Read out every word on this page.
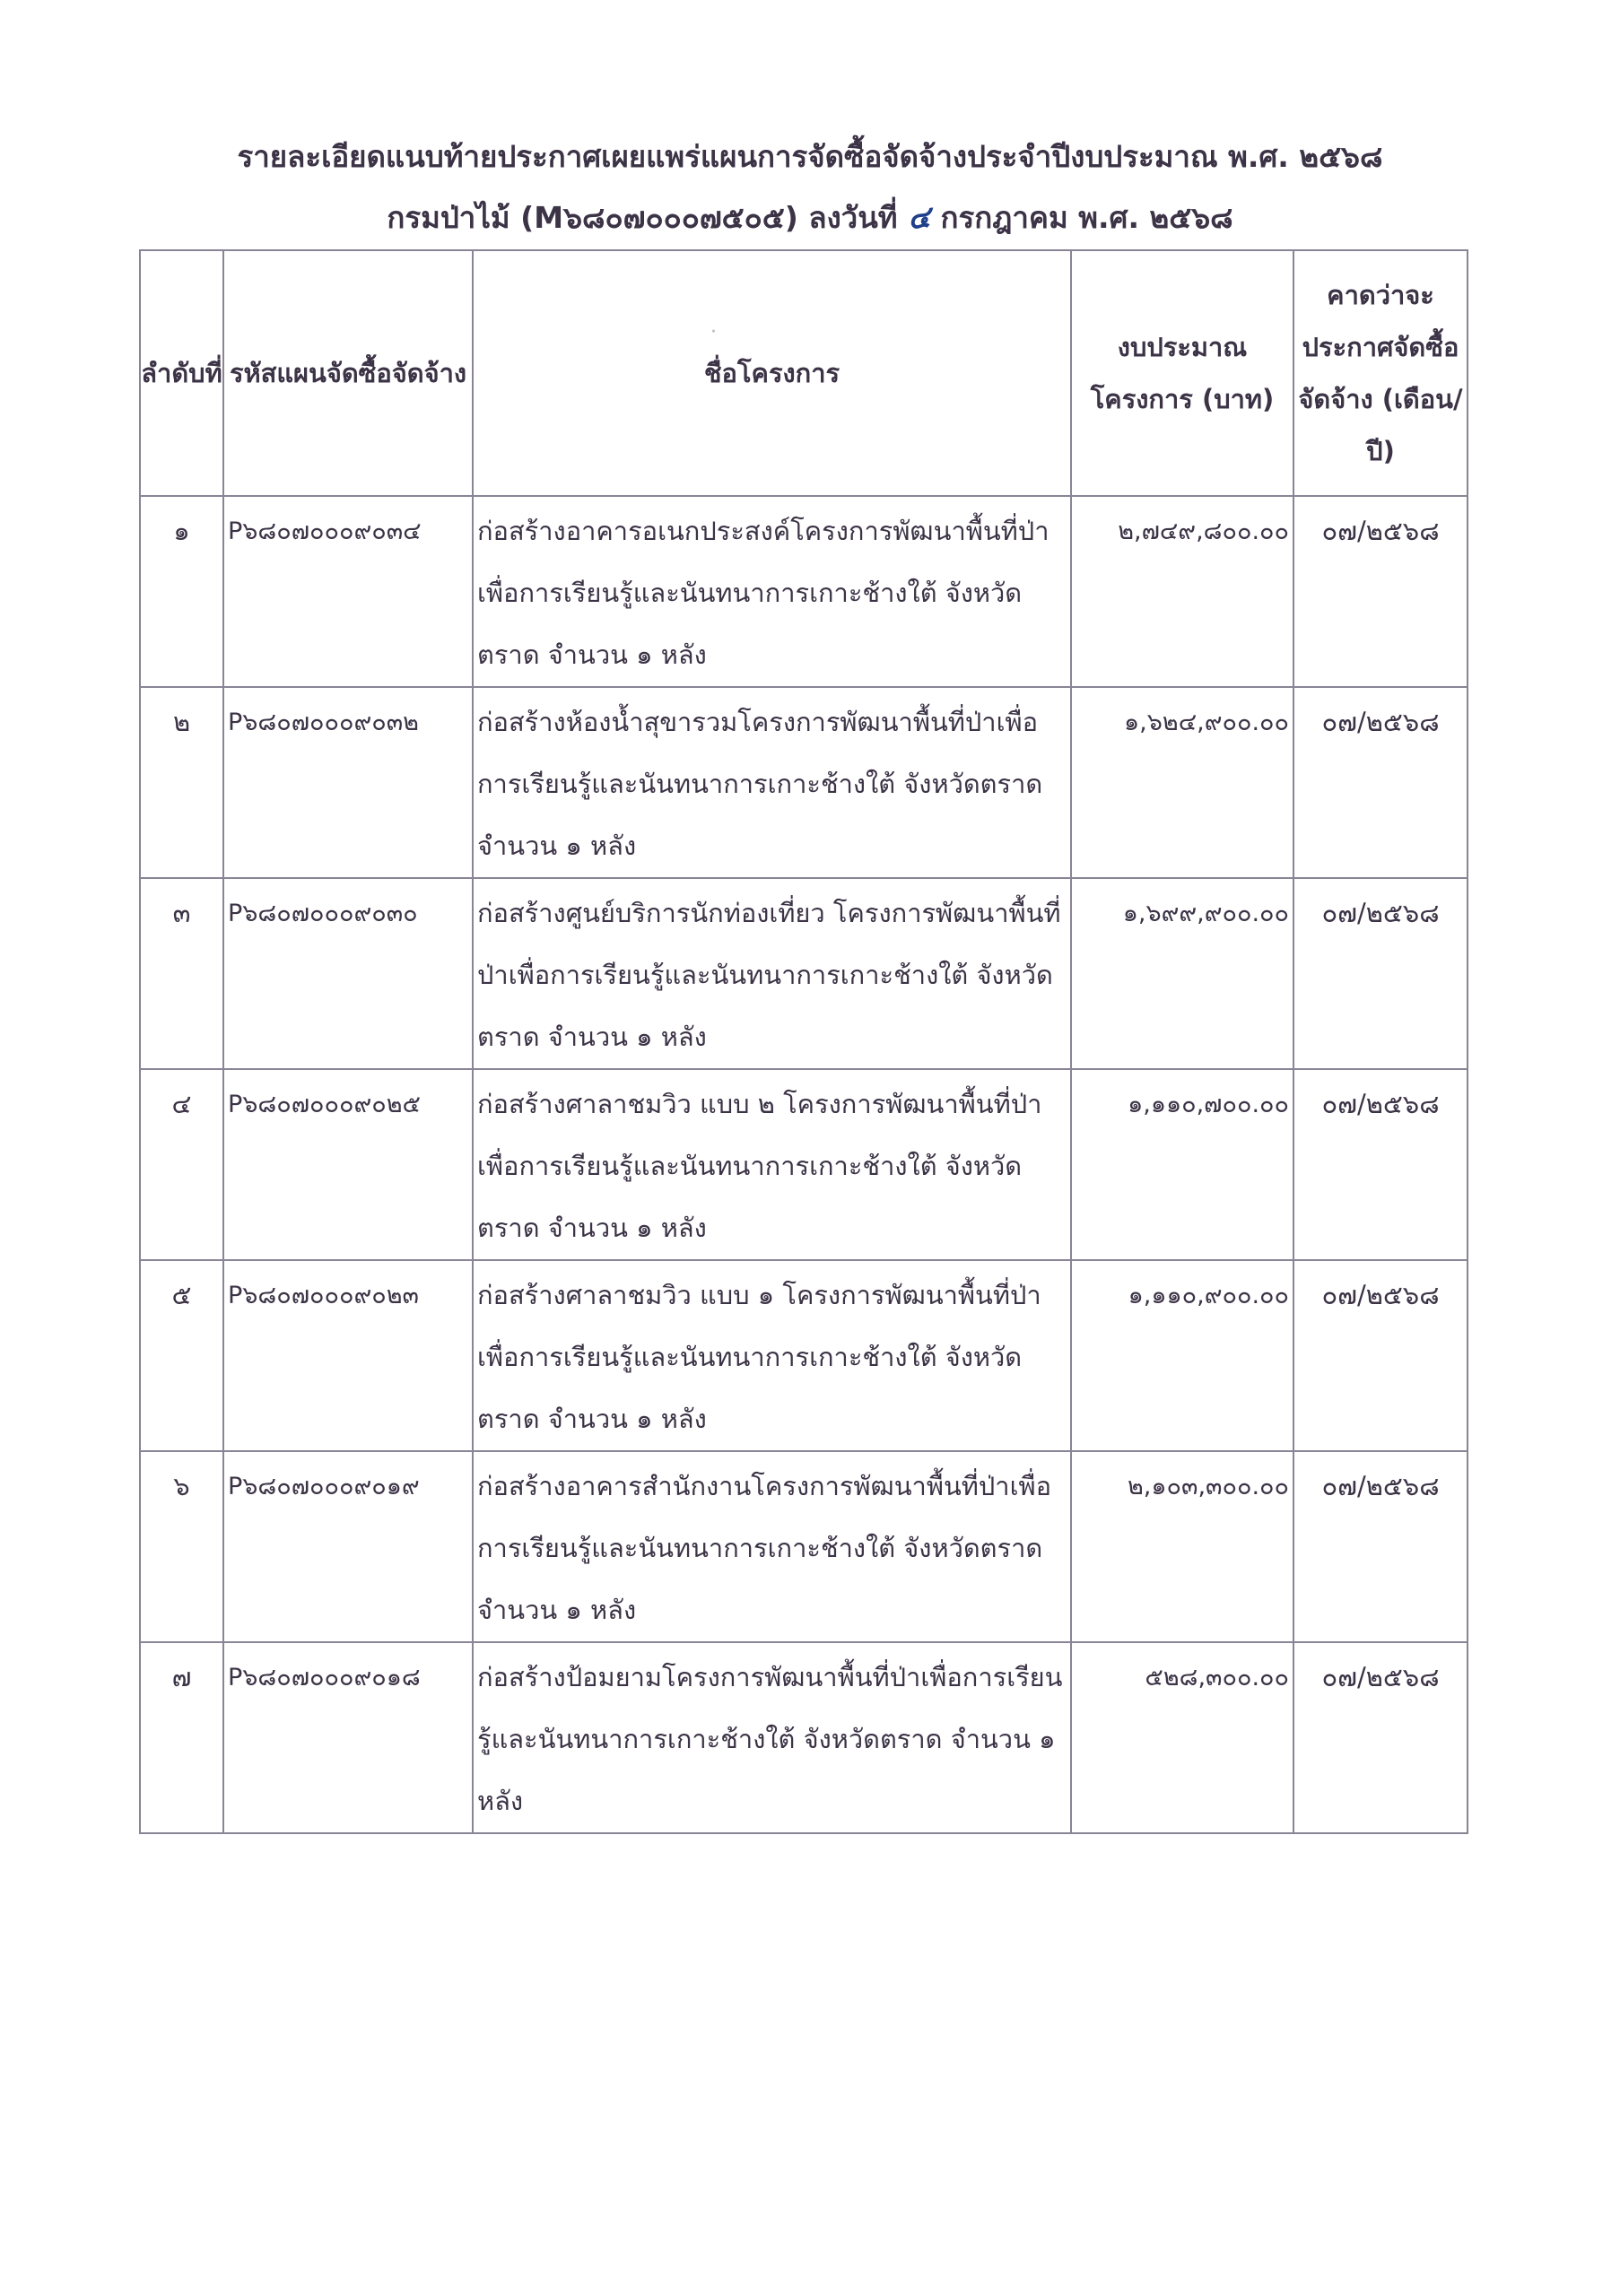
รายละเอียดแนบท้ายประกาศเผยแพร่แผนการจัดซื้อจัดจ้างประจำปีงบประมาณ พ.ศ. ๒๕๖๘
กรมป่าไม้ (M๖๘๐๗๐๐๐๗๕๐๕) ลงวันที่ ๔ กรกฎาคม พ.ศ. ๒๕๖๘
ลำดับที่	รหัสแผนจัดซื้อจัดจ้าง	ชื่อโครงการ	งบประมาณโครงการ (บาท)	คาดว่าจะประกาศจัดซื้อจัดจ้าง (เดือน/ปี)
๑	P๖๘๐๗๐๐๐๙๐๓๔	ก่อสร้างอาคารอเนกประสงค์โครงการพัฒนาพื้นที่ป่าเพื่อการเรียนรู้และนันทนาการเกาะช้างใต้ จังหวัดตราด จำนวน ๑ หลัง	๒,๗๔๙,๘๐๐.๐๐	๐๗/๒๕๖๘
๒	P๖๘๐๗๐๐๐๙๐๓๒	ก่อสร้างห้องน้ำสุขารวมโครงการพัฒนาพื้นที่ป่าเพื่อการเรียนรู้และนันทนาการเกาะช้างใต้ จังหวัดตราด จำนวน ๑ หลัง	๑,๖๒๔,๙๐๐.๐๐	๐๗/๒๕๖๘
๓	P๖๘๐๗๐๐๐๙๐๓๐	ก่อสร้างศูนย์บริการนักท่องเที่ยว โครงการพัฒนาพื้นที่ป่าเพื่อการเรียนรู้และนันทนาการเกาะช้างใต้ จังหวัดตราด จำนวน ๑ หลัง	๑,๖๙๙,๙๐๐.๐๐	๐๗/๒๕๖๘
๔	P๖๘๐๗๐๐๐๙๐๒๕	ก่อสร้างศาลาชมวิว แบบ ๒ โครงการพัฒนาพื้นที่ป่าเพื่อการเรียนรู้และนันทนาการเกาะช้างใต้ จังหวัดตราด จำนวน ๑ หลัง	๑,๑๑๐,๗๐๐.๐๐	๐๗/๒๕๖๘
๕	P๖๘๐๗๐๐๐๙๐๒๓	ก่อสร้างศาลาชมวิว แบบ ๑ โครงการพัฒนาพื้นที่ป่าเพื่อการเรียนรู้และนันทนาการเกาะช้างใต้ จังหวัดตราด จำนวน ๑ หลัง	๑,๑๑๐,๙๐๐.๐๐	๐๗/๒๕๖๘
๖	P๖๘๐๗๐๐๐๙๐๑๙	ก่อสร้างอาคารสำนักงานโครงการพัฒนาพื้นที่ป่าเพื่อการเรียนรู้และนันทนาการเกาะช้างใต้ จังหวัดตราด จำนวน ๑ หลัง	๒,๑๐๓,๓๐๐.๐๐	๐๗/๒๕๖๘
๗	P๖๘๐๗๐๐๐๙๐๑๘	ก่อสร้างป้อมยามโครงการพัฒนาพื้นที่ป่าเพื่อการเรียนรู้และนันทนาการเกาะช้างใต้ จังหวัดตราด จำนวน ๑ หลัง	๕๒๘,๓๐๐.๐๐	๐๗/๒๕๖๘
·
